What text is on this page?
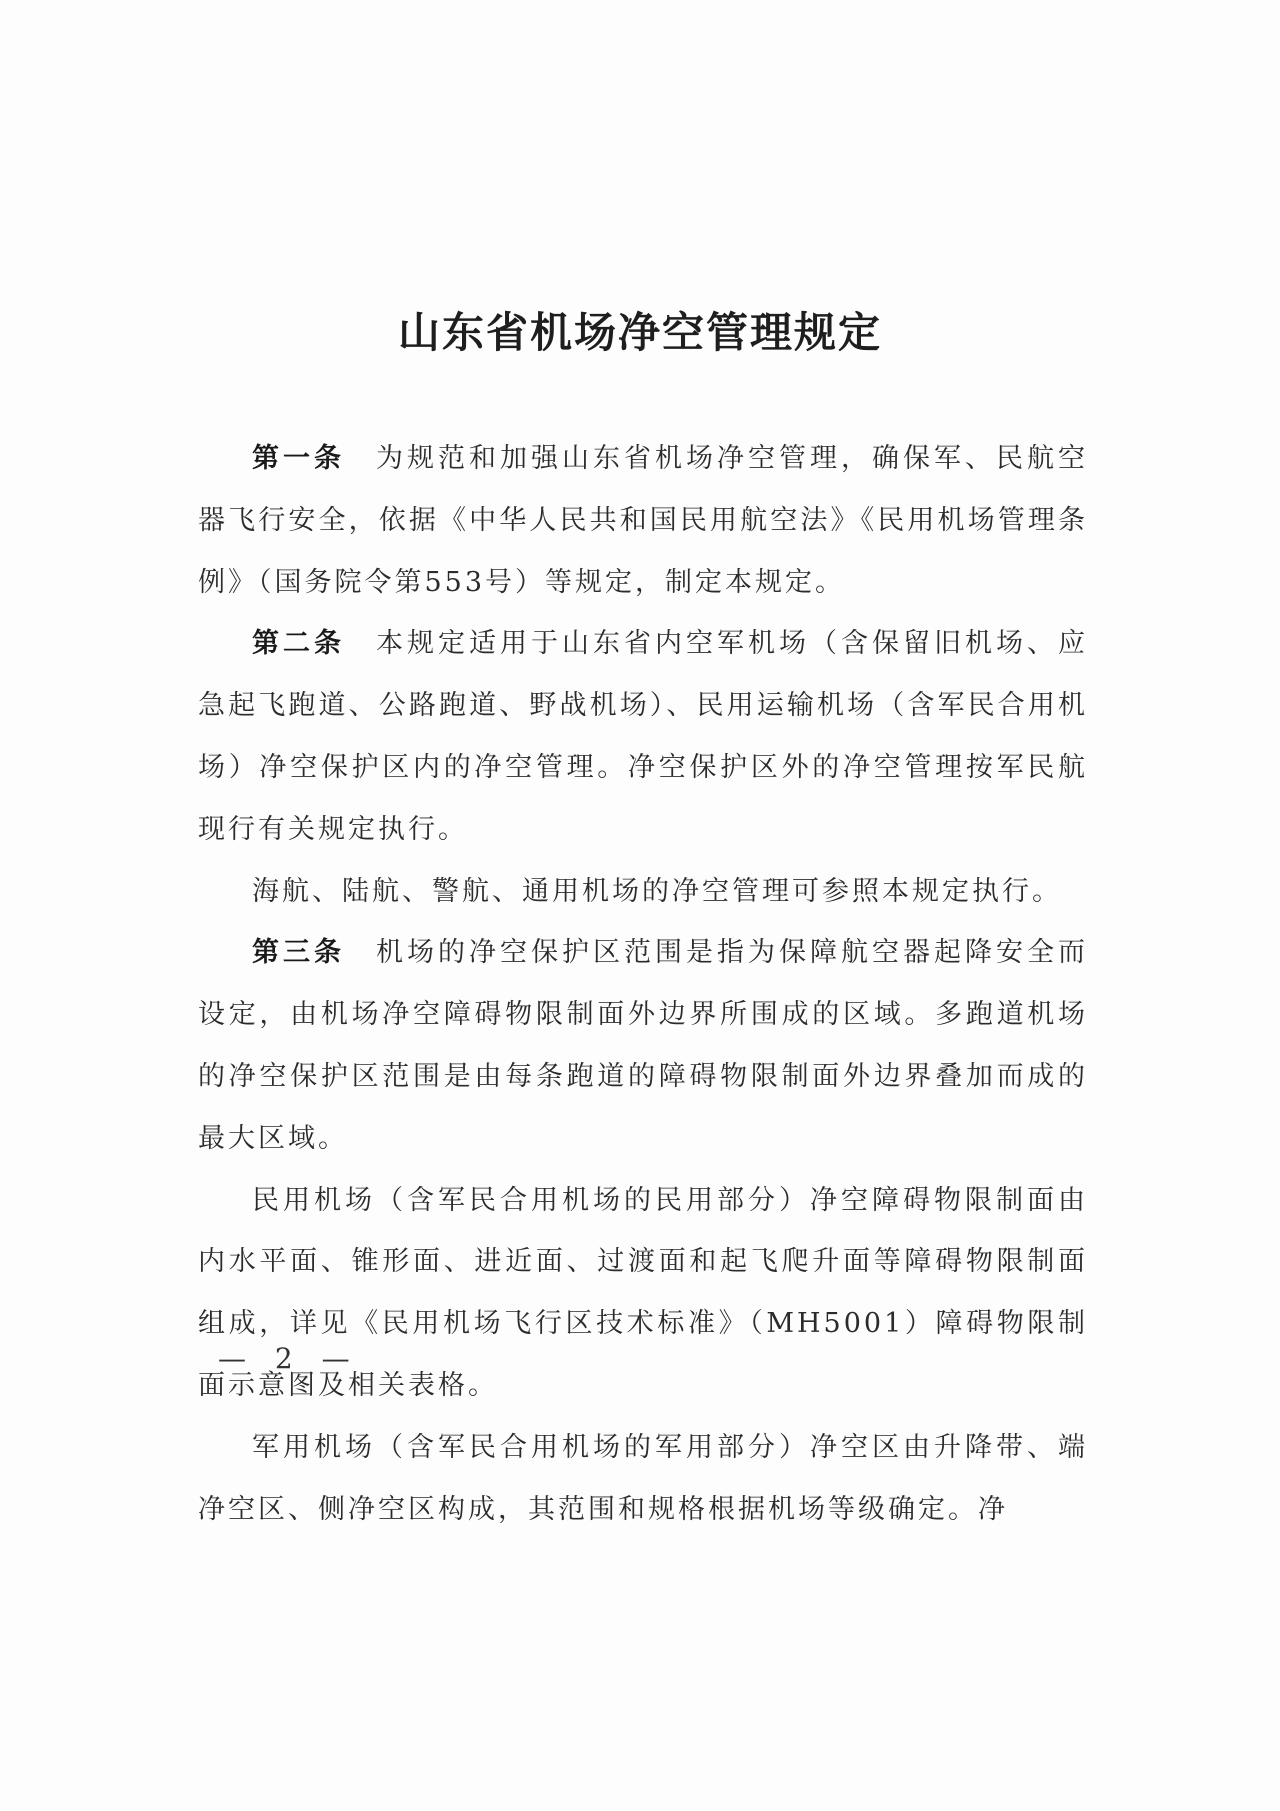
山东省机场净空管理规定

第一条  为规范和加强山东省机场净空管理，确保军、民航空器飞行安全，依据《中华人民共和国民用航空法》《民用机场管理条例》（国务院令第553号）等规定，制定本规定。

第二条  本规定适用于山东省内空军机场（含保留旧机场、应急起飞跑道、公路跑道、野战机场）、民用运输机场（含军民合用机场）净空保护区内的净空管理。净空保护区外的净空管理按军民航现行有关规定执行。

海航、陆航、警航、通用机场的净空管理可参照本规定执行。

第三条  机场的净空保护区范围是指为保障航空器起降安全而设定，由机场净空障碍物限制面外边界所围成的区域。多跑道机场的净空保护区范围是由每条跑道的障碍物限制面外边界叠加而成的最大区域。

民用机场（含军民合用机场的民用部分）净空障碍物限制面由内水平面、锥形面、进近面、过渡面和起飞爬升面等障碍物限制面组成，详见《民用机场飞行区技术标准》（MH5001）障碍物限制面示意图及相关表格。

军用机场（含军民合用机场的军用部分）净空区由升降带、端净空区、侧净空区构成，其范围和规格根据机场等级确定。净

— 2 —
